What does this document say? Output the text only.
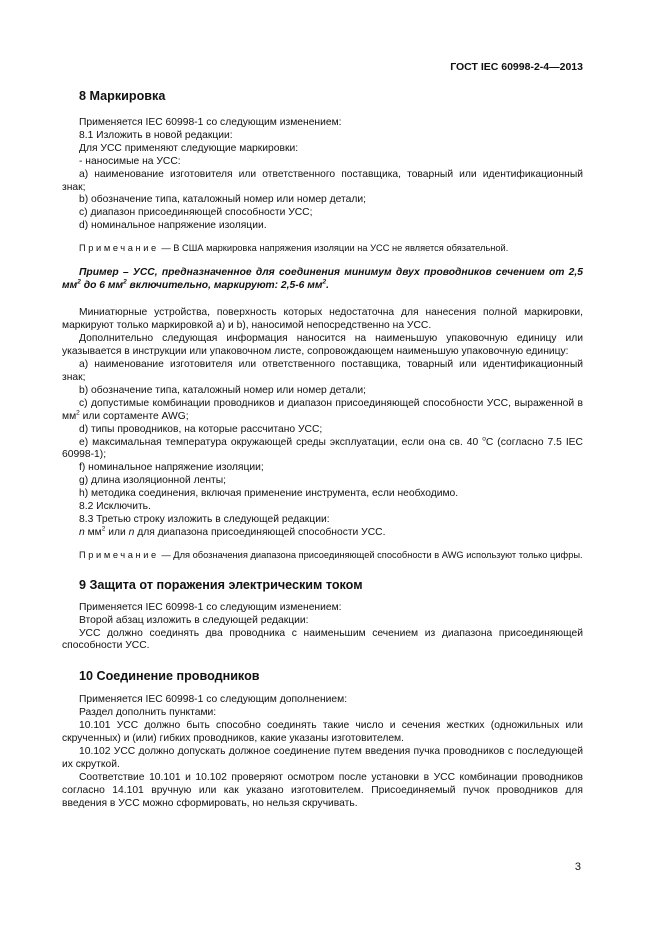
ГОСТ IEC 60998-2-4—2013
8 Маркировка

Применяется IEC 60998-1 со следующим изменением:

8.1 Изложить в новой редакции:

Для УСС применяют следующие маркировки:

- наносимые на УСС:

a) наименование изготовителя или ответственного поставщика, товарный или идентификационный знак;

b) обозначение типа, каталожный номер или номер детали;

c) диапазон присоединяющей способности УСС;

d) номинальное напряжение изоляции.

Примечание — В США маркировка напряжения изоляции на УСС не является обязательной.

Пример – УСС, предназначенное для соединения минимум двух проводников сечением от 2,5 $мм^2$ до 6 $мм^2$ включительно, маркируют: 2,5-6 $мм^2$.

Миниатюрные устройства, поверхность которых недостаточна для нанесения полной маркировки, маркируют только маркировкой а) и b), наносимой непосредственно на УСС.

Дополнительно следующая информация наносится на наименьшую упаковочную единицу или указывается в инструкции или упаковочном листе, сопровождающем наименьшую упаковочную единицу:

a) наименование изготовителя или ответственного поставщика, товарный или идентификационный знак;

b) обозначение типа, каталожный номер или номер детали;

c) допустимые комбинации проводников и диапазон присоединяющей способности УСС, выраженной в $мм^2$ или сортаменте AWG;

d) типы проводников, на которые рассчитано УСС;

e) максимальная температура окружающей среды эксплуатации, если она св. 40 $^о$С (согласно 7.5 IEC 60998-1);

f) номинальное напряжение изоляции;

g) длина изоляционной ленты;

h) методика соединения, включая применение инструмента, если необходимо.

8.2 Исключить.

8.3 Третью строку изложить в следующей редакции:

n $мм^2$ или n для диапазона присоединяющей способности УСС.

Примечание — Для обозначения диапазона присоединяющей способности в AWG используют только цифры.

9 Защита от поражения электрическим током

Применяется IEC 60998-1 со следующим изменением:

Второй абзац изложить в следующей редакции:

УСС должно соединять два проводника с наименьшим сечением из диапазона присоединяющей способности УСС.

10 Соединение проводников

Применяется IEC 60998-1 со следующим дополнением:

Раздел дополнить пунктами:

10.101 УСС должно быть способно соединять такие число и сечения жестких (одножильных или скрученных) и (или) гибких проводников, какие указаны изготовителем.

10.102 УСС должно допускать должное соединение путем введения пучка проводников с последующей их скруткой.

Соответствие 10.101 и 10.102 проверяют осмотром после установки в УСС комбинации проводников согласно 14.101 вручную или как указано изготовителем. Присоединяемый пучок проводников для введения в УСС можно сформировать, но нельзя скручивать.

3
